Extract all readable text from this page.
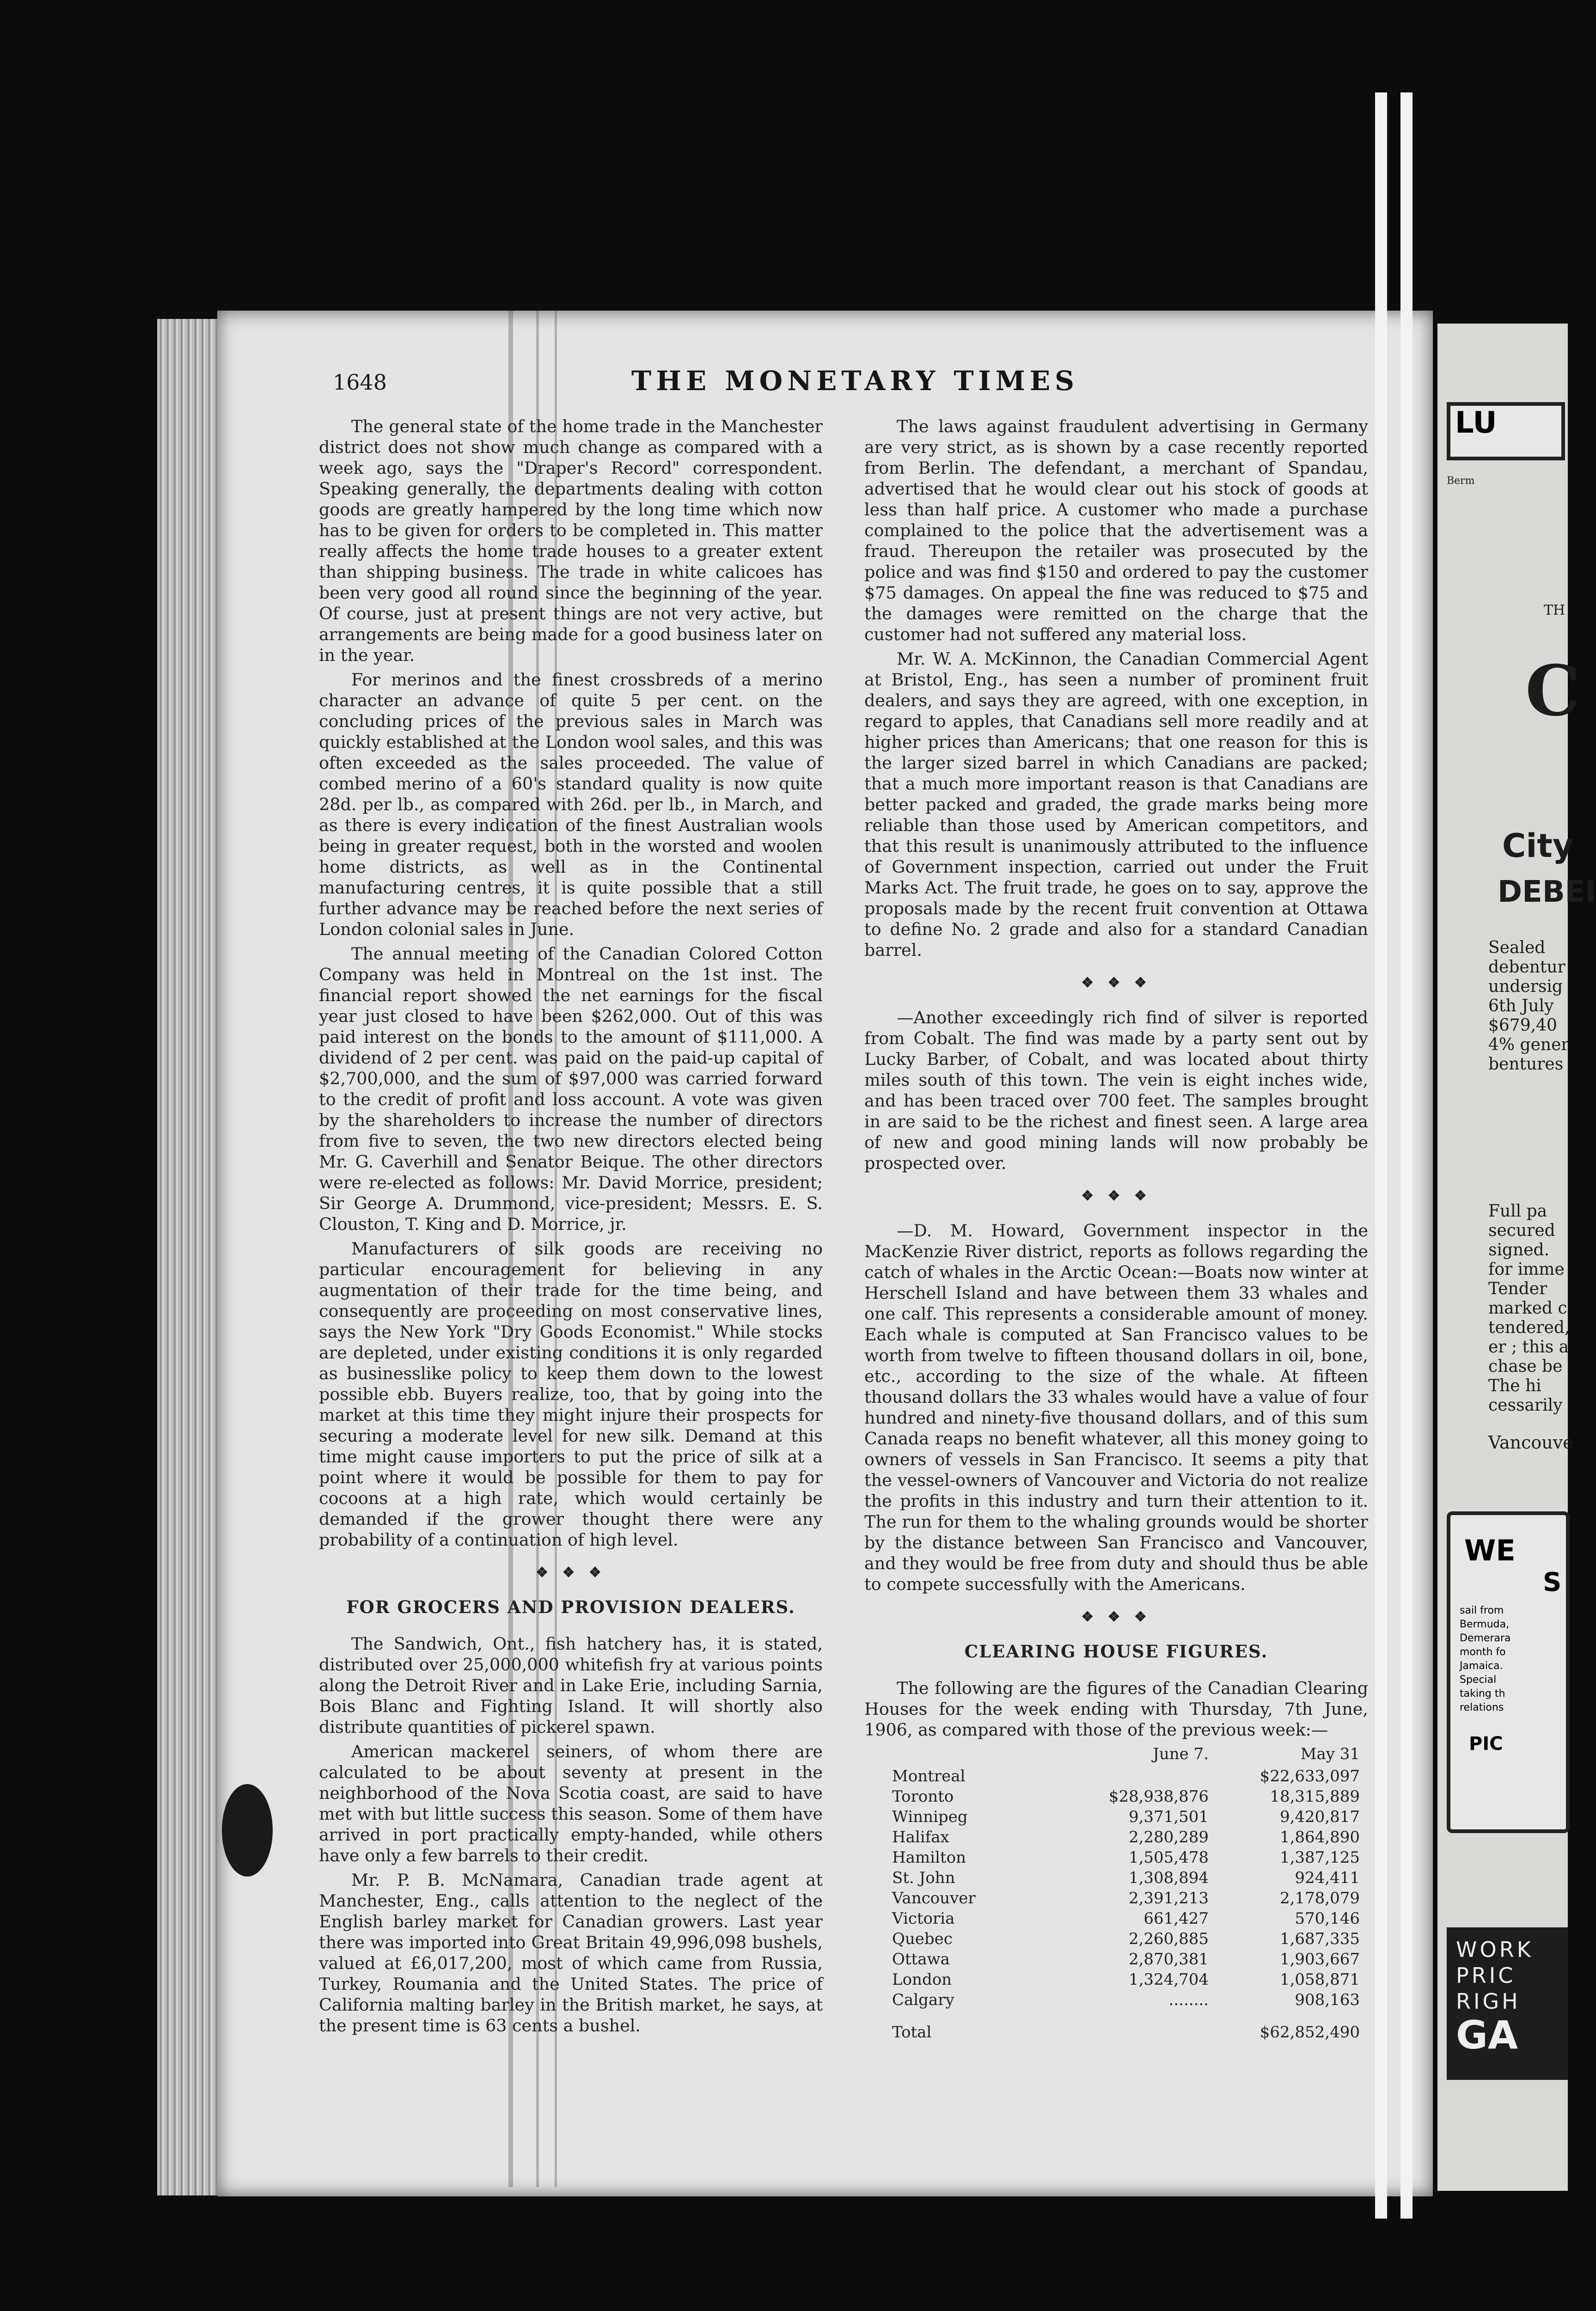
1648	THE MONETARY TIMES

The general state of the home trade in the Manchester district does not show much change as compared with a week ago, says the "Draper's Record" correspondent. Speaking generally, the departments dealing with cotton goods are greatly hampered by the long time which now has to be given for orders to be completed in. This matter really affects the home trade houses to a greater extent than shipping business. The trade in white calicoes has been very good all round since the beginning of the year. Of course, just at present things are not very active, but arrangements are being made for a good business later on in the year.

For merinos and the finest crossbreds of a merino character an advance of quite 5 per cent. on the concluding prices of the previous sales in March was quickly established at the London wool sales, and this was often exceeded as the sales proceeded. The value of combed merino of a 60's standard quality is now quite 28d. per lb., as compared with 26d. per lb., in March, and as there is every indication of the finest Australian wools being in greater request, both in the worsted and woolen home districts, as well as in the Continental manufacturing centres, it is quite possible that a still further advance may be reached before the next series of London colonial sales in June.

The annual meeting of the Canadian Colored Cotton Company was held in Montreal on the 1st inst. The financial report showed the net earnings for the fiscal year just closed to have been $262,000. Out of this was paid interest on the bonds to the amount of $111,000. A dividend of 2 per cent. was paid on the paid-up capital of $2,700,000, and the sum of $97,000 was carried forward to the credit of profit and loss account. A vote was given by the shareholders to increase the number of directors from five to seven, the two new directors elected being Mr. G. Caverhill and Senator Beique. The other directors were re-elected as follows: Mr. David Morrice, president; Sir George A. Drummond, vice-president; Messrs. E. S. Clouston, T. King and D. Morrice, jr.

Manufacturers of silk goods are receiving no particular encouragement for believing in any augmentation of their trade for the time being, and consequently are proceeding on most conservative lines, says the New York "Dry Goods Economist." While stocks are depleted, under existing conditions it is only regarded as businesslike policy to keep them down to the lowest possible ebb. Buyers realize, too, that by going into the market at this time they might injure their prospects for securing a moderate level for new silk. Demand at this time might cause importers to put the price of silk at a point where it would be possible for them to pay for cocoons at a high rate, which would certainly be demanded if the grower thought there were any probability of a continuation of high level.

❖ ❖ ❖
FOR GROCERS AND PROVISION DEALERS.

The Sandwich, Ont., fish hatchery has, it is stated, distributed over 25,000,000 whitefish fry at various points along the Detroit River and in Lake Erie, including Sarnia, Bois Blanc and Fighting Island. It will shortly also distribute quantities of pickerel spawn.

American mackerel seiners, of whom there are calculated to be about seventy at present in the neighborhood of the Nova Scotia coast, are said to have met with but little success this season. Some of them have arrived in port practically empty-handed, while others have only a few barrels to their credit.

Mr. P. B. McNamara, Canadian trade agent at Manchester, Eng., calls attention to the neglect of the English barley market for Canadian growers. Last year there was imported into Great Britain 49,996,098 bushels, valued at £6,017,200, most of which came from Russia, Turkey, Roumania and the United States. The price of California malting barley in the British market, he says, at the present time is 63 cents a bushel.

The laws against fraudulent advertising in Germany are very strict, as is shown by a case recently reported from Berlin. The defendant, a merchant of Spandau, advertised that he would clear out his stock of goods at less than half price. A customer who made a purchase complained to the police that the advertisement was a fraud. Thereupon the retailer was prosecuted by the police and was find $150 and ordered to pay the customer $75 damages. On appeal the fine was reduced to $75 and the damages were remitted on the charge that the customer had not suffered any material loss.

Mr. W. A. McKinnon, the Canadian Commercial Agent at Bristol, Eng., has seen a number of prominent fruit dealers, and says they are agreed, with one exception, in regard to apples, that Canadians sell more readily and at higher prices than Americans; that one reason for this is the larger sized barrel in which Canadians are packed; that a much more important reason is that Canadians are better packed and graded, the grade marks being more reliable than those used by American competitors, and that this result is unanimously attributed to the influence of Government inspection, carried out under the Fruit Marks Act. The fruit trade, he goes on to say, approve the proposals made by the recent fruit convention at Ottawa to define No. 2 grade and also for a standard Canadian barrel.

❖ ❖ ❖

—Another exceedingly rich find of silver is reported from Cobalt. The find was made by a party sent out by Lucky Barber, of Cobalt, and was located about thirty miles south of this town. The vein is eight inches wide, and has been traced over 700 feet. The samples brought in are said to be the richest and finest seen. A large area of new and good mining lands will now probably be prospected over.

❖ ❖ ❖

—D. M. Howard, Government inspector in the MacKenzie River district, reports as follows regarding the catch of whales in the Arctic Ocean:—Boats now winter at Herschell Island and have between them 33 whales and one calf. This represents a considerable amount of money. Each whale is computed at San Francisco values to be worth from twelve to fifteen thousand dollars in oil, bone, etc., according to the size of the whale. At fifteen thousand dollars the 33 whales would have a value of four hundred and ninety-five thousand dollars, and of this sum Canada reaps no benefit whatever, all this money going to owners of vessels in San Francisco. It seems a pity that the vessel-owners of Vancouver and Victoria do not realize the profits in this industry and turn their attention to it. The run for them to the whaling grounds would be shorter by the distance between San Francisco and Vancouver, and they would be free from duty and should thus be able to compete successfully with the Americans.

❖ ❖ ❖
CLEARING HOUSE FIGURES.

The following are the figures of the Canadian Clearing Houses for the week ending with Thursday, 7th June, 1906, as compared with those of the previous week:—

	June 7.	May 31
Montreal		$22,633,097
Toronto	$28,938,876	18,315,889
Winnipeg	9,371,501	9,420,817
Halifax	2,280,289	1,864,890
Hamilton	1,505,478	1,387,125
St. John	1,308,894	924,411
Vancouver	2,391,213	2,178,079
Victoria	661,427	570,146
Quebec	2,260,885	1,687,335
Ottawa	2,870,381	1,903,667
London	1,324,704	1,058,871
Calgary	........	908,163
Total		$62,852,490
LU
Berm
TH
C
City
DEBEI
Sealed
debentur
undersig
6th July
$679,40
4% gener
bentures
Full pa
secured
signed.
for imme
Tender
marked c
tendered,
er ; this a
chase be
The hi
cessarily
Vancouve
WE
S
sail from
Bermuda,
Demerara
month fo
Jamaica.
Special
taking th
relations
PIC
WORK
PRIC
RIGH
GA
